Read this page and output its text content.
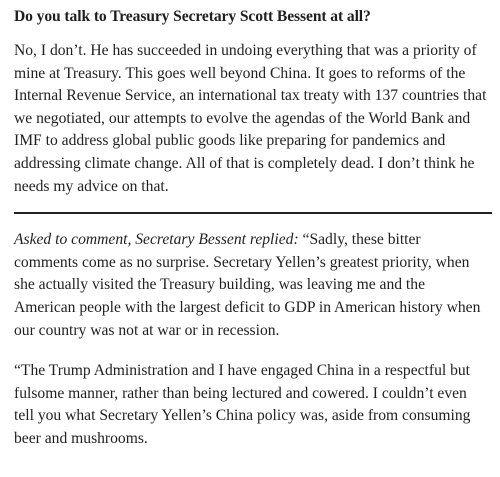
Do you talk to Treasury Secretary Scott Bessent at all?

No, I don’t. He has succeeded in undoing everything that was a priority of mine at Treasury. This goes well beyond China. It goes to reforms of the Internal Revenue Service, an international tax treaty with 137 countries that we negotiated, our attempts to evolve the agendas of the World Bank and IMF to address global public goods like preparing for pandemics and addressing climate change. All of that is completely dead. I don’t think he needs my advice on that.

Asked to comment, Secretary Bessent replied: “Sadly, these bitter comments come as no surprise. Secretary Yellen’s greatest priority, when she actually visited the Treasury building, was leaving me and the American people with the largest deficit to GDP in American history when our country was not at war or in recession.

“The Trump Administration and I have engaged China in a respectful but fulsome manner, rather than being lectured and cowered. I couldn’t even tell you what Secretary Yellen’s China policy was, aside from consuming beer and mushrooms.
